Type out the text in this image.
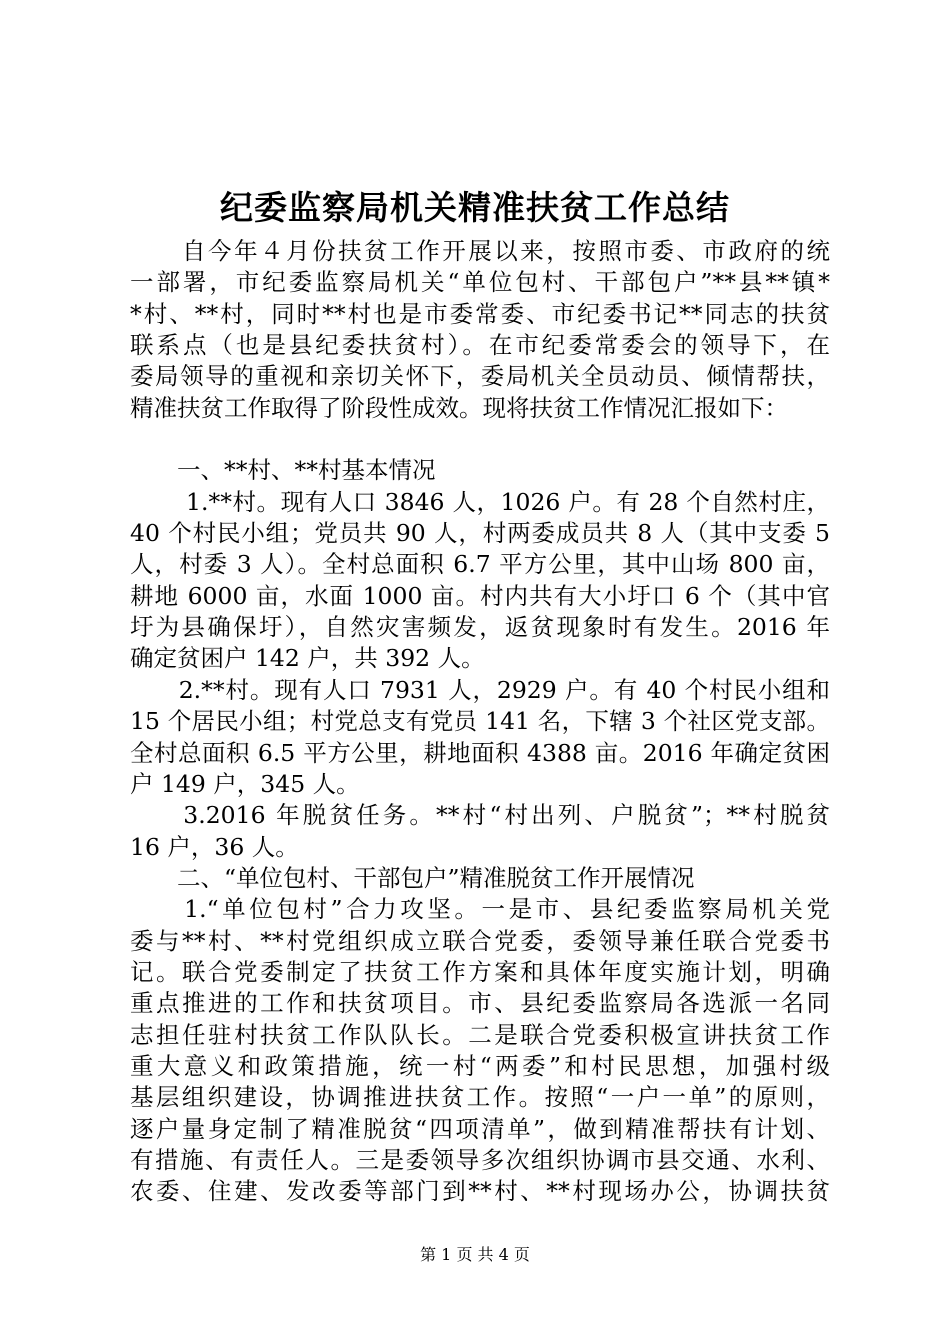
纪委监察局机关精准扶贫工作总结
　　自今年４月份扶贫工作开展以来，按照市委、市政府的统
一部署，市纪委监察局机关“单位包村、干部包户”**县**镇*
*村、**村，同时**村也是市委常委、市纪委书记**同志的扶贫
联系点（也是县纪委扶贫村）。在市纪委常委会的领导下，在
委局领导的重视和亲切关怀下，委局机关全员动员、倾情帮扶，
精准扶贫工作取得了阶段性成效。现将扶贫工作情况汇报如下：
　　一、**村、**村基本情况
　　 1.**村。现有人口 3846 人，1026 户。有 28 个自然村庄，
40 个村民小组；党员共 90 人，村两委成员共 8 人（其中支委 5
人，村委 3 人）。全村总面积 6.7 平方公里，其中山场 800 亩，
耕地 6000 亩，水面 1000 亩。村内共有大小圩口 6 个（其中官
圩为县确保圩），自然灾害频发，返贫现象时有发生。2016 年
确定贫困户 142 户，共 392 人。
　　2.**村。现有人口 7931 人，2929 户。有 40 个村民小组和
15 个居民小组；村党总支有党员 141 名，下辖 3 个社区党支部。
全村总面积 6.5 平方公里，耕地面积 4388 亩。2016 年确定贫困
户 149 户，345 人。
　　3.2016 年脱贫任务。**村“村出列、户脱贫”；**村脱贫
16 户，36 人。
　　二、“单位包村、干部包户”精准脱贫工作开展情况
　　1.“单位包村”合力攻坚。一是市、县纪委监察局机关党
委与**村、**村党组织成立联合党委，委领导兼任联合党委书
记。联合党委制定了扶贫工作方案和具体年度实施计划，明确
重点推进的工作和扶贫项目。市、县纪委监察局各选派一名同
志担任驻村扶贫工作队队长。二是联合党委积极宣讲扶贫工作
重大意义和政策措施，统一村“两委”和村民思想，加强村级
基层组织建设，协调推进扶贫工作。按照“一户一单”的原则，
逐户量身定制了精准脱贫“四项清单”，做到精准帮扶有计划、
有措施、有责任人。三是委领导多次组织协调市县交通、水利、
农委、住建、发改委等部门到**村、**村现场办公，协调扶贫
第 1 页 共 4 页
